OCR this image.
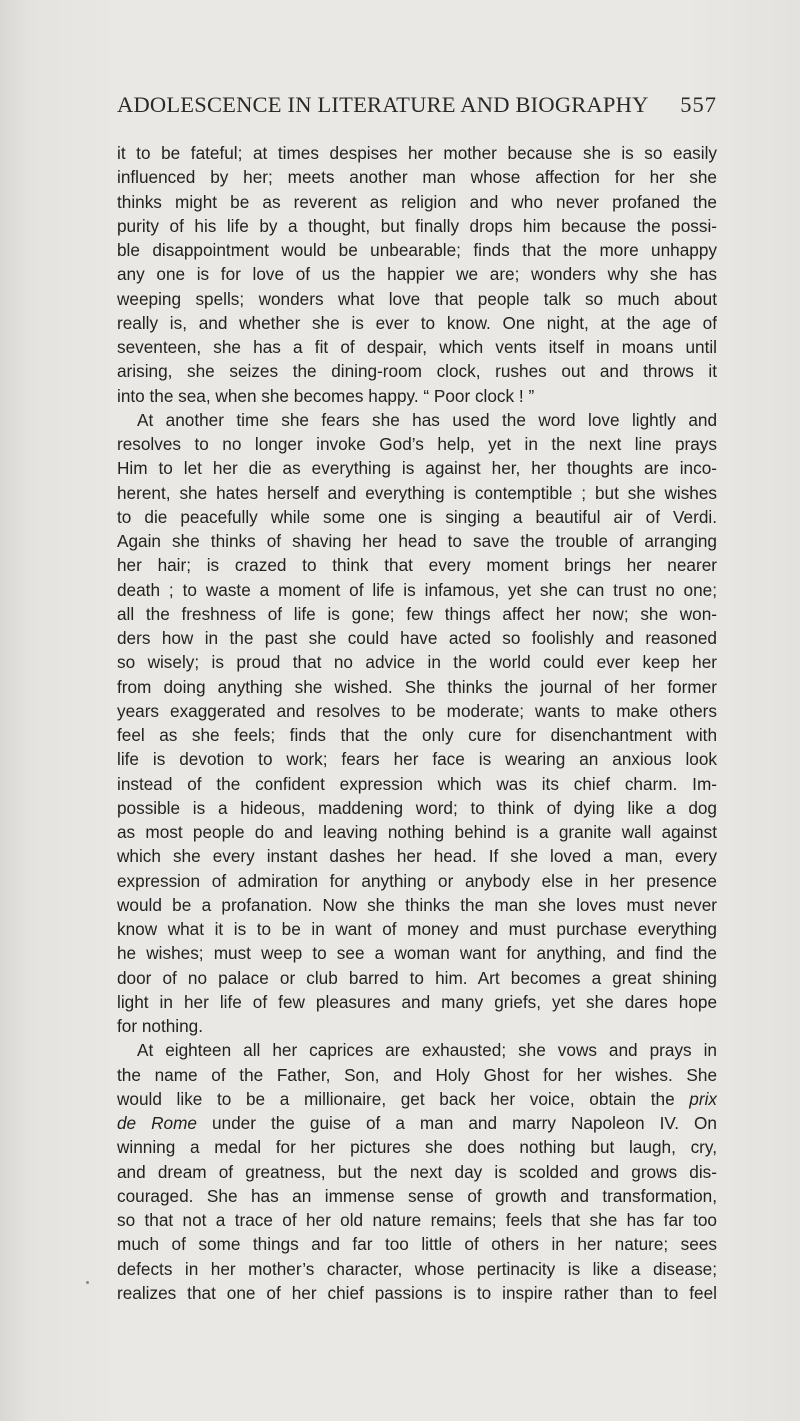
ADOLESCENCE IN LITERATURE AND BIOGRAPHY 557
it to be fateful; at times despises her mother because she is so easily
influenced by her; meets another man whose affection for her she
thinks might be as reverent as religion and who never profaned the
purity of his life by a thought, but finally drops him because the possi-
ble disappointment would be unbearable; finds that the more unhappy
any one is for love of us the happier we are; wonders why she has
weeping spells; wonders what love that people talk so much about
really is, and whether she is ever to know. One night, at the age of
seventeen, she has a fit of despair, which vents itself in moans until
arising, she seizes the dining-room clock, rushes out and throws it
into the sea, when she becomes happy. “ Poor clock ! ”
At another time she fears she has used the word love lightly and
resolves to no longer invoke God’s help, yet in the next line prays
Him to let her die as everything is against her, her thoughts are inco-
herent, she hates herself and everything is contemptible ; but she wishes
to die peacefully while some one is singing a beautiful air of Verdi.
Again she thinks of shaving her head to save the trouble of arranging
her hair; is crazed to think that every moment brings her nearer
death ; to waste a moment of life is infamous, yet she can trust no one;
all the freshness of life is gone; few things affect her now; she won-
ders how in the past she could have acted so foolishly and reasoned
so wisely; is proud that no advice in the world could ever keep her
from doing anything she wished. She thinks the journal of her former
years exaggerated and resolves to be moderate; wants to make others
feel as she feels; finds that the only cure for disenchantment with
life is devotion to work; fears her face is wearing an anxious look
instead of the confident expression which was its chief charm. Im-
possible is a hideous, maddening word; to think of dying like a dog
as most people do and leaving nothing behind is a granite wall against
which she every instant dashes her head. If she loved a man, every
expression of admiration for anything or anybody else in her presence
would be a profanation. Now she thinks the man she loves must never
know what it is to be in want of money and must purchase everything
he wishes; must weep to see a woman want for anything, and find the
door of no palace or club barred to him. Art becomes a great shining
light in her life of few pleasures and many griefs, yet she dares hope
for nothing.
At eighteen all her caprices are exhausted; she vows and prays in
the name of the Father, Son, and Holy Ghost for her wishes. She
would like to be a millionaire, get back her voice, obtain the prix
de Rome under the guise of a man and marry Napoleon IV. On
winning a medal for her pictures she does nothing but laugh, cry,
and dream of greatness, but the next day is scolded and grows dis-
couraged. She has an immense sense of growth and transformation,
so that not a trace of her old nature remains; feels that she has far too
much of some things and far too little of others in her nature; sees
defects in her mother’s character, whose pertinacity is like a disease;
realizes that one of her chief passions is to inspire rather than to feel
